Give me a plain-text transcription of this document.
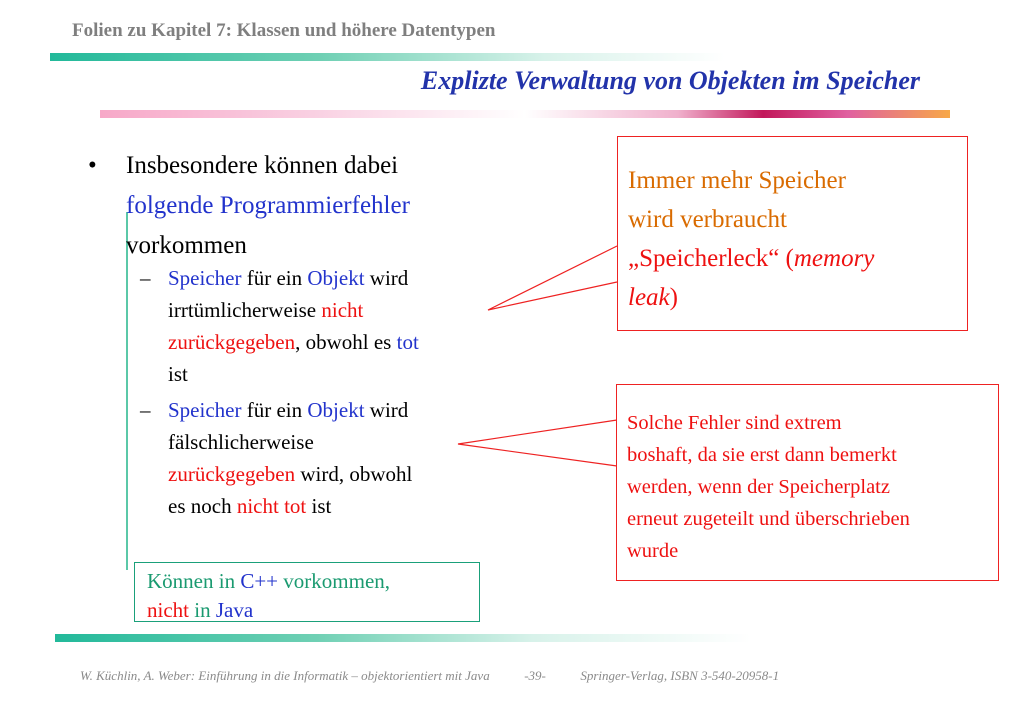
Folien zu Kapitel 7: Klassen und höhere Datentypen
Explizte Verwaltung von Objekten im Speicher
•	Insbesondere können dabei
folgende Programmierfehler
vorkommen
– Speicher für ein Objekt wird
irrtümlicherweise nicht
zurückgegeben, obwohl es tot
ist
– Speicher für ein Objekt wird
fälschlicherweise
zurückgegeben wird, obwohl
es noch nicht tot ist
Können in C++ vorkommen,
nicht in Java
Immer mehr Speicher
wird verbraucht
„Speicherleck“ (memory
leak)
Solche Fehler sind extrem
boshaft, da sie erst dann bemerkt
werden, wenn der Speicherplatz
erneut zugeteilt und überschrieben
wurde
W. Küchlin, A. Weber: Einführung in die Informatik – objektorientiert mit Java	-39-	Springer-Verlag, ISBN 3-540-20958-1
